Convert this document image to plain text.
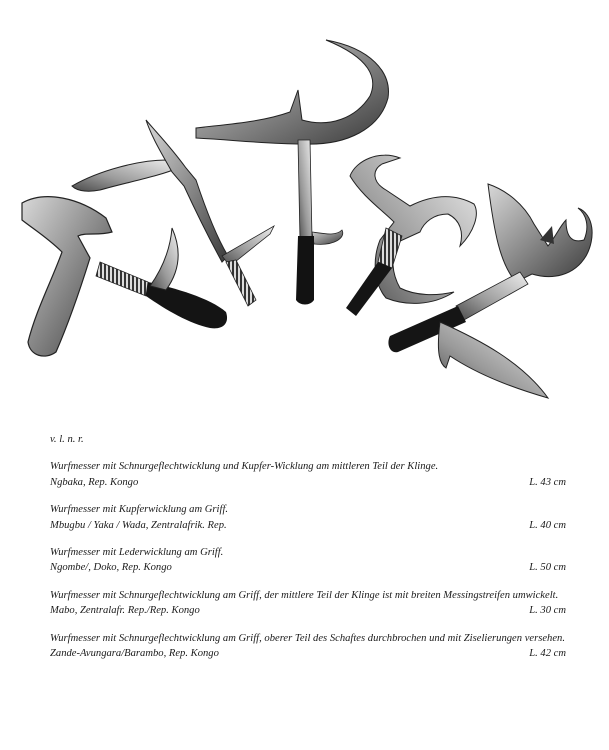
v. l. n. r.
Wurfmesser mit Schnurgeflechtwicklung und Kupfer-Wicklung am mittleren Teil der Klinge.
Ngbaka, Rep. Kongo	L. 43 cm
Wurfmesser mit Kupferwicklung am Griff.
Mbugbu / Yaka / Wada, Zentralafrik. Rep.	L. 40 cm
Wurfmesser mit Lederwicklung am Griff.
Ngombe/, Doko, Rep. Kongo	L. 50 cm
Wurfmesser mit Schnurgeflechtwicklung am Griff, der mittlere Teil der Klinge ist mit breiten Messingstreifen umwickelt.
Mabo, Zentralafr. Rep./Rep. Kongo	L. 30 cm
Wurfmesser mit Schnurgeflechtwicklung am Griff, oberer Teil des Schaftes durchbrochen und mit Ziselierungen versehen.
Zande-Avungara/Barambo, Rep. Kongo	L. 42 cm
